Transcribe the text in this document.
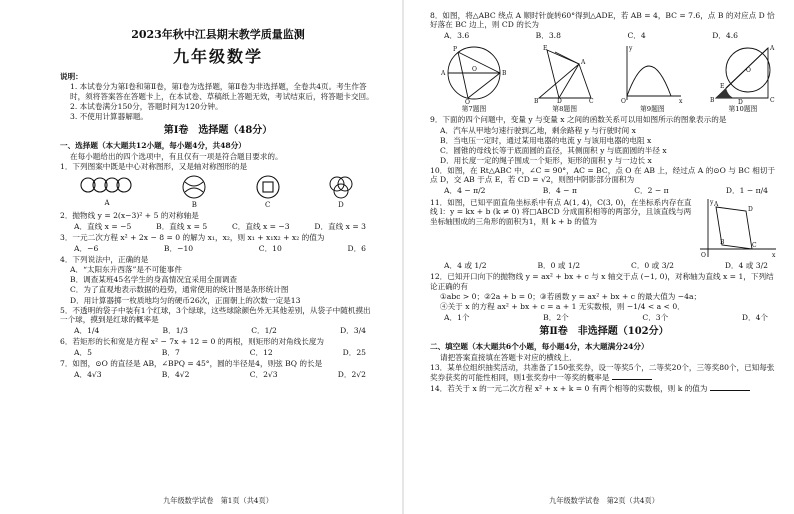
2023年秋中江县期末教学质量监测
九年级数学

说明：

1. 本试卷分为第Ⅰ卷和第Ⅱ卷，第Ⅰ卷为选择题，第Ⅱ卷为非选择题，全卷共4页。考生作答时，须将答案答在答题卡上，在本试卷、草稿纸上答题无效，考试结束后，将答题卡交回。

2. 本试卷满分150分，答题时间为120分钟。

3. 不使用计算器解题。

第Ⅰ卷　选择题（48分）

一、选择题（本大题共12小题，每小题4分，共48分）

在每小题给出的四个选项中，有且仅有一项是符合题目要求的。

1．下列图案中既是中心对称图形，又是轴对称图形的是

A	B	C	D

2．抛物线 y = 2(x−3)² + 5 的对称轴是

A．直线 x = −5	B．直线 x = 5	C．直线 x = −3	D．直线 x = 3

3．一元二次方程 x² + 2x − 8 = 0 的解为 x₁，x₂，则 x₁ + x₁x₂ + x₂ 的值为

A．−6	B．−10	C．10	D．6

4．下列说法中，正确的是

A．“太阳东升西落”是不可能事件

B．调查某班45名学生的身高情况宜采用全面调查

C．为了直观地表示数据的趋势，通常使用的统计图是条形统计图

D．用计算器掷一枚质地均匀的硬币26次，正面朝上的次数一定是13

5．不透明的袋子中装有1个红球，3个绿球，这些球除颜色外无其他差别，从袋子中随机摸出一个球，摸到是红球的概率是

A．1/4	B．1/3	C．1/2	D．3/4

6．若矩形的长和宽是方程 x² − 7x + 12 = 0 的两根，则矩形的对角线长度为

A．5	B．7	C．12	D．25

7．如图，⊙O 的直径是 AB，∠BPQ = 45°，圆的半径是4，则弦 BQ 的长是

A．4√3	B．4√2	C．2√3	D．2√2
九年级数学试卷　第1页（共4页）

8．如图，将△ABC 绕点 A 顺时针旋转60°得到△ADE，若 AB = 4，BC = 7.6，点 B 的对应点 D 恰好落在 BC 边上，则 CD 的长为

A．3.6	B．3.8	C．4	D．4.6
A	B
P
Q
O
第7题图
B	D	C
A
E
第8题图
y
x
O
第9题图
B	C
A
E
O
D
第10题图

9．下面的四个问题中，变量 y 与变量 x 之间的函数关系可以用如图所示的图象表示的是

A．汽车从甲地匀速行驶到乙地，剩余路程 y 与行驶时间 x

B．当电压一定时，通过某用电器的电流 y 与该用电器的电阻 x

C．圆锥的母线长等于底面圆的直径，其侧面积 y 与底面圆的半径 x

D．用长度一定的绳子围成一个矩形，矩形的面积 y 与一边长 x

10．如图，在 Rt△ABC 中，∠C = 90°，AC = BC，点 O 在 AB 上，经过点 A 的⊙O 与 BC 相切于点 D，交 AB 于点 E，若 CD = √2，则图中阴影部分面积为

A．4 − π/2	B．4 − π	C．2 − π	D．1 − π/4

11．如图，已知平面直角坐标系中有点 A(1, 4)，C(3, 0)，在坐标系内存在直线 l：y = kx + b (k ≠ 0) 将□ABCD 分成面积相等的两部分，且该直线与两坐标轴围成的三角形的面积为1，则 k + b 的值为

y
x
O
A
D
B	C
A．4 或 1/2	B．0 或 1/2	C．0 或 3/2	D．4 或 3/2

12．已知开口向下的抛物线 y = ax² + bx + c 与 x 轴交于点 (−1, 0)，对称轴为直线 x = 1，下列结论正确的有

①abc > 0；②2a + b = 0；③若函数 y = ax² + bx + c 的最大值为 −4a；

④关于 x 的方程 ax² + bx + c = a + 1 无实数根，则 −1/4 < a < 0．

A．1个	B．2个	C．3个	D．4个
第Ⅱ卷　非选择题（102分）

二、填空题（本大题共6个小题，每小题4分，本大题满分24分）

请把答案直接填在答题卡对应的横线上．

13．某单位组织抽奖活动，共准备了150张奖券，设一等奖5个，二等奖20个，三等奖80个，已知每张奖券获奖的可能性相同，则1张奖券中一等奖的概率是

14．若关于 x 的一元二次方程 x² + x + k = 0 有两个相等的实数根，则 k 的值为

九年级数学试卷　第2页（共4页）
